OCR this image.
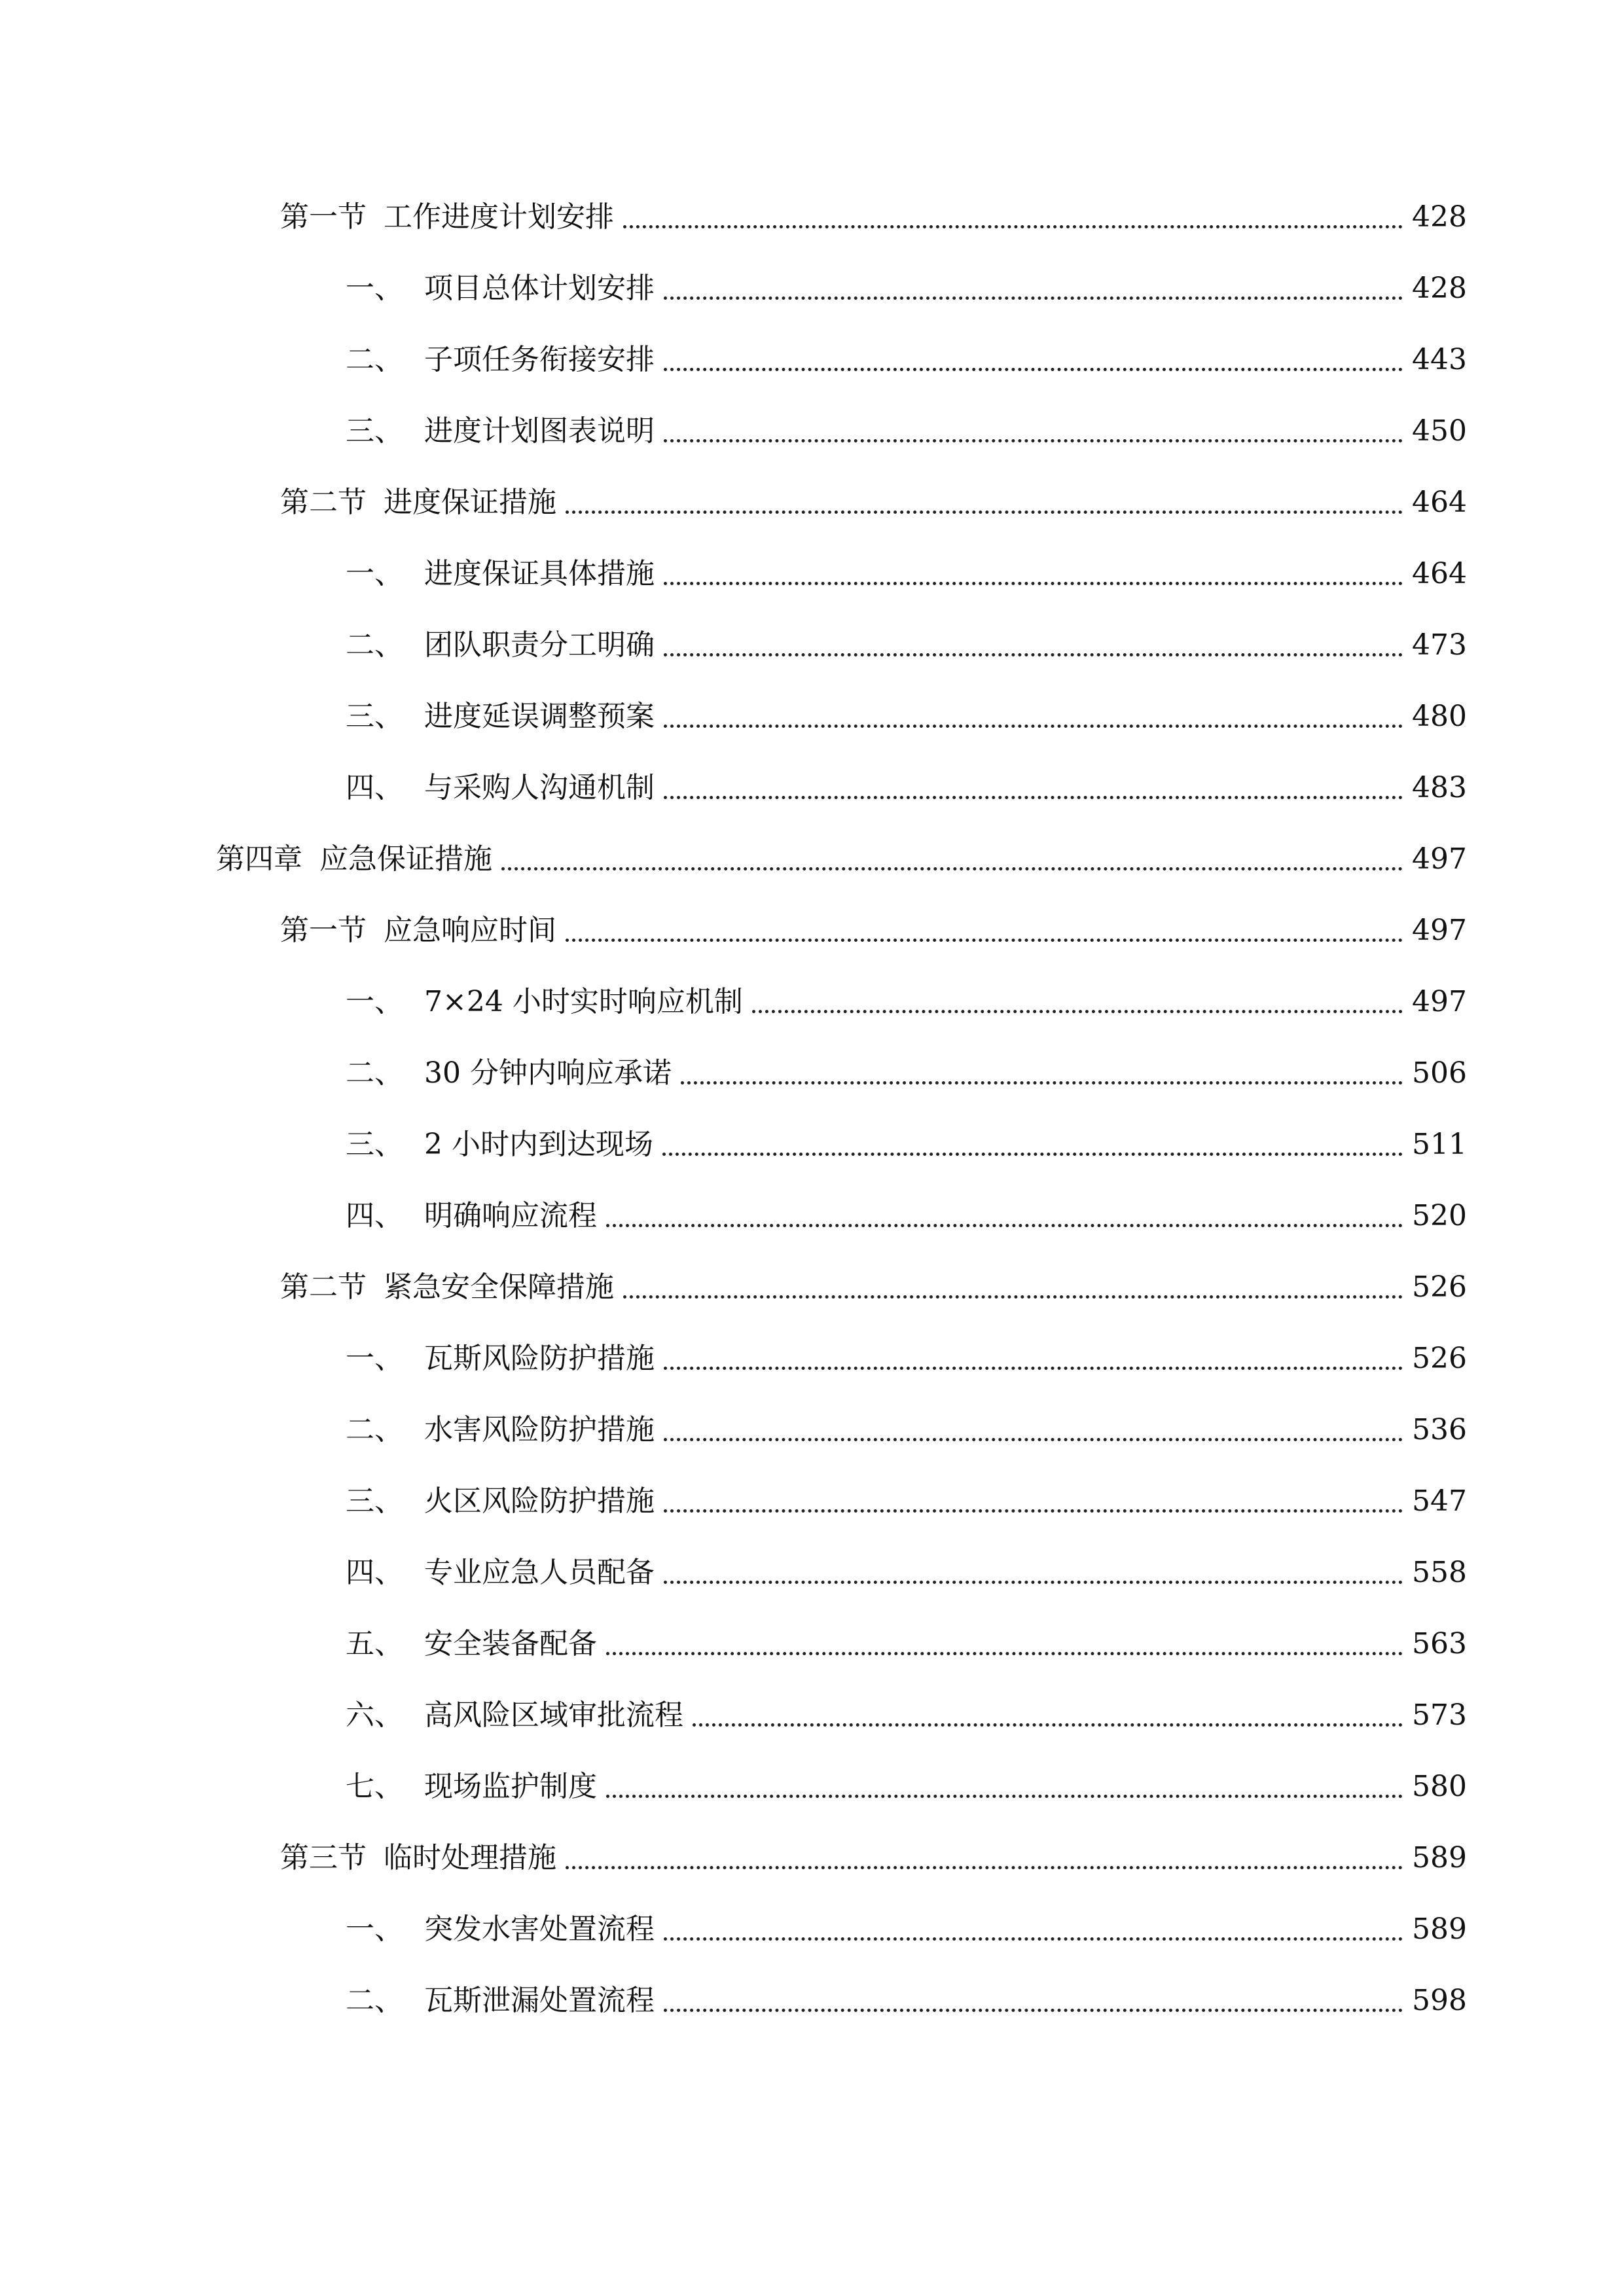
第一节 工作进度计划安排	428
一、 项目总体计划安排	428
二、 子项任务衔接安排	443
三、 进度计划图表说明	450
第二节 进度保证措施	464
一、 进度保证具体措施	464
二、 团队职责分工明确	473
三、 进度延误调整预案	480
四、 与采购人沟通机制	483
第四章 应急保证措施	497
第一节 应急响应时间	497
一、 7×24 小时实时响应机制	497
二、 30 分钟内响应承诺	506
三、 2 小时内到达现场	511
四、 明确响应流程	520
第二节 紧急安全保障措施	526
一、 瓦斯风险防护措施	526
二、 水害风险防护措施	536
三、 火区风险防护措施	547
四、 专业应急人员配备	558
五、 安全装备配备	563
六、 高风险区域审批流程	573
七、 现场监护制度	580
第三节 临时处理措施	589
一、 突发水害处置流程	589
二、 瓦斯泄漏处置流程	598
